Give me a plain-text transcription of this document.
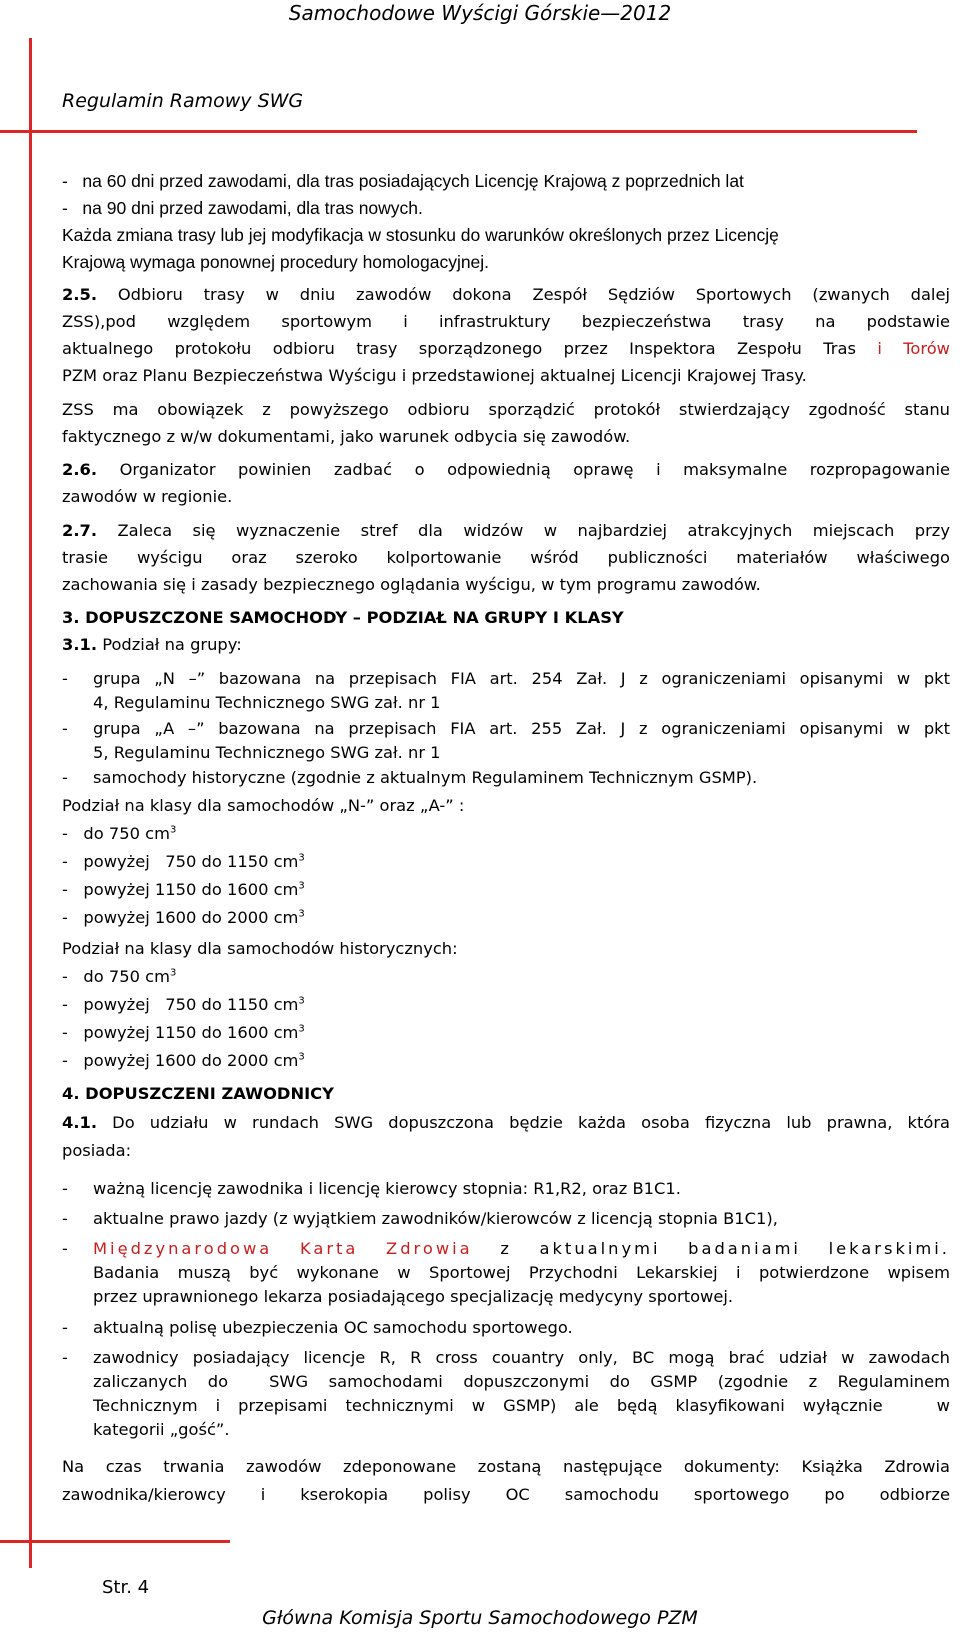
Samochodowe Wyścigi Górskie—2012
Regulamin Ramowy SWG
-   na 60 dni przed zawodami, dla tras posiadających Licencję Krajową z poprzednich lat
-   na 90 dni przed zawodami, dla tras nowych.
Każda zmiana trasy lub jej modyfikacja w stosunku do warunków określonych przez Licencję
Krajową wymaga ponownej procedury homologacyjnej.
2.5. Odbioru trasy w dniu zawodów dokona Zespół Sędziów Sportowych (zwanych dalej
ZSS),pod względem sportowym i infrastruktury bezpieczeństwa trasy na podstawie
aktualnego protokołu odbioru trasy sporządzonego przez Inspektora Zespołu Tras i Torów
PZM oraz Planu Bezpieczeństwa Wyścigu i przedstawionej aktualnej Licencji Krajowej Trasy.
ZSS ma obowiązek z powyższego odbioru sporządzić protokół stwierdzający zgodność stanu
faktycznego z w/w dokumentami, jako warunek odbycia się zawodów.
2.6. Organizator powinien zadbać o odpowiednią oprawę i maksymalne rozpropagowanie
zawodów w regionie.
2.7. Zaleca się wyznaczenie stref dla widzów w najbardziej atrakcyjnych miejscach przy
trasie wyścigu oraz szeroko kolportowanie wśród publiczności materiałów właściwego
zachowania się i zasady bezpiecznego oglądania wyścigu, w tym programu zawodów.
3. DOPUSZCZONE SAMOCHODY – PODZIAŁ NA GRUPY I KLASY
3.1. Podział na grupy:
- grupa „N –” bazowana na przepisach FIA art. 254 Zał. J z ograniczeniami opisanymi w pkt
4, Regulaminu Technicznego SWG zał. nr 1
- grupa „A –” bazowana na przepisach FIA art. 255 Zał. J z ograniczeniami opisanymi w pkt
5, Regulaminu Technicznego SWG zał. nr 1
- samochody historyczne (zgodnie z aktualnym Regulaminem Technicznym GSMP).
Podział na klasy dla samochodów „N-” oraz „A-” :
-   do 750 $cm^3$
-   powyżej   750 do 1150 $cm^3$
-   powyżej 1150 do 1600 $cm^3$
-   powyżej 1600 do 2000 $cm^3$
Podział na klasy dla samochodów historycznych:
-   do 750 $cm^3$
-   powyżej   750 do 1150 $cm^3$
-   powyżej 1150 do 1600 $cm^3$
-   powyżej 1600 do 2000 $cm^3$
4. DOPUSZCZENI ZAWODNICY
4.1. Do udziału w rundach SWG dopuszczona będzie każda osoba fizyczna lub prawna, która
posiada:
- ważną licencję zawodnika i licencję kierowcy stopnia: R1,R2, oraz B1C1.
- aktualne prawo jazdy (z wyjątkiem zawodników/kierowców z licencją stopnia B1C1),
- Międzynarodowa Karta Zdrowia z aktualnymi badaniami lekarskimi.
Badania muszą być wykonane w Sportowej Przychodni Lekarskiej i potwierdzone wpisem
przez uprawnionego lekarza posiadającego specjalizację medycyny sportowej.
- aktualną polisę ubezpieczenia OC samochodu sportowego.
- zawodnicy posiadający licencje R, R cross couantry only, BC mogą brać udział w zawodach
zaliczanych do  SWG samochodami dopuszczonymi do GSMP (zgodnie z Regulaminem
Technicznym i przepisami technicznymi w GSMP) ale będą klasyfikowani wyłącznie   w
kategorii „gość”.
Na czas trwania zawodów zdeponowane zostaną następujące dokumenty: Książka Zdrowia
zawodnika/kierowcy i kserokopia polisy OC samochodu sportowego po odbiorze
Str. 4
Główna Komisja Sportu Samochodowego PZM
